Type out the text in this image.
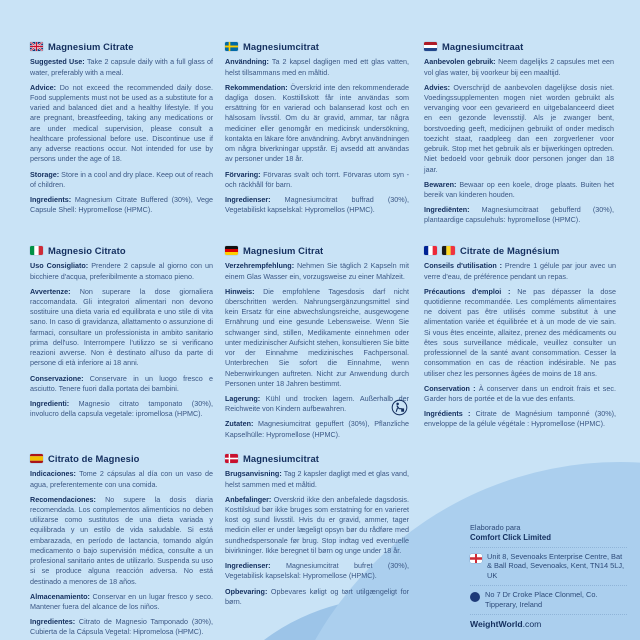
Magnesium Citrate

Suggested Use: Take 2 capsule daily with a full glass of water, preferably with a meal.

Advice: Do not exceed the recommended daily dose. Food supplements must not be used as a substitute for a varied and balanced diet and a healthy lifestyle. If you are pregnant, breastfeeding, taking any medications or are under medical supervision, please consult a healthcare professional before use. Discontinue use if any adverse reactions occur. Not intended for use by persons under the age of 18.

Storage: Store in a cool and dry place. Keep out of reach of children.

Ingredients: Magnesium Citrate Buffered (30%), Vege Capsule Shell: Hypromellose (HPMC).

Magnesiumcitrat

Användning: Ta 2 kapsel dagligen med ett glas vatten, helst tillsammans med en måltid.

Rekommendation: Överskrid inte den rekommenderade dagliga dosen. Kosttillskott får inte användas som ersättning för en varierad och balanserad kost och en hälsosam livsstil. Om du är gravid, ammar, tar några mediciner eller genomgår en medicinsk undersökning, kontakta en läkare före användning. Avbryt användningen om några biverkningar uppstår. Ej avsedd att användas av personer under 18 år.

Förvaring: Förvaras svalt och torrt. Förvaras utom syn - och räckhåll för barn.

Ingredienser: Magnesiumcitrat buffrad (30%), Vegetabiliskt kapselskal: Hypromellos (HPMC).

Magnesiumcitraat

Aanbevolen gebruik: Neem dagelijks 2 capsules met een vol glas water, bij voorkeur bij een maaltijd.

Advies: Overschrijd de aanbevolen dagelijkse dosis niet. Voedingssupplementen mogen niet worden gebruikt als vervanging voor een gevarieerd en uitgebalanceerd dieet en een gezonde levensstijl. Als je zwanger bent, borstvoeding geeft, medicijnen gebruikt of onder medisch toezicht staat, raadpleeg dan een zorgverlener voor gebruik. Stop met het gebruik als er bijwerkingen optreden. Niet bedoeld voor gebruik door personen jonger dan 18 jaar.

Bewaren: Bewaar op een koele, droge plaats. Buiten het bereik van kinderen houden.

Ingrediënten: Magnesiumcitraat gebufferd (30%), plantaardige capsulehuls: hypromellose (HPMC).

Magnesio Citrato

Uso Consigliato: Prendere 2 capsule al giorno con un bicchiere d'acqua, preferibilmente a stomaco pieno.

Avvertenze: Non superare la dose giornaliera raccomandata. Gli integratori alimentari non devono sostituire una dieta varia ed equilibrata e uno stile di vita sano. In caso di gravidanza, allattamento o assunzione di farmaci, consultare un professionista in ambito sanitario prima dell'uso. Interrompere l'utilizzo se si verificano reazioni avverse. Non è destinato all'uso da parte di persone di età inferiore ai 18 anni.

Conservazione: Conservare in un luogo fresco e asciutto. Tenere fuori dalla portata dei bambini.

Ingredienti: Magnesio citrato tamponato (30%), involucro della capsula vegetale: ipromellosa (HPMC).

Magnesium Citrat

Verzehrempfehlung: Nehmen Sie täglich 2 Kapseln mit einem Glas Wasser ein, vorzugsweise zu einer Mahlzeit.

Hinweis: Die empfohlene Tagesdosis darf nicht überschritten werden. Nahrungsergänzungsmittel sind kein Ersatz für eine abwechslungsreiche, ausgewogene Ernährung und eine gesunde Lebensweise. Wenn Sie schwanger sind, stillen, Medikamente einnehmen oder unter medizinischer Aufsicht stehen, konsultieren Sie bitte vor der Einnahme medizinisches Fachpersonal. Unterbrechen Sie sofort die Einnahme, wenn Nebenwirkungen auftreten. Nicht zur Anwendung durch Personen unter 18 Jahren bestimmt.

Lagerung: Kühl und trocken lagern. Außerhalb der Reichweite von Kindern aufbewahren.

Zutaten: Magnesiumcitrat gepuffert (30%), Pflanzliche Kapselhülle: Hypromellose (HPMC).

Citrate de Magnésium

Conseils d'utilisation : Prendre 1 gélule par jour avec un verre d'eau, de préférence pendant un repas.

Précautions d'emploi : Ne pas dépasser la dose quotidienne recommandée. Les compléments alimentaires ne doivent pas être utilisés comme substitut à une alimentation variée et équilibrée et à un mode de vie sain. Si vous êtes enceinte, allaitez, prenez des médicaments ou êtes sous surveillance médicale, veuillez consulter un professionnel de la santé avant consommation. Cesser la consommation en cas de réaction indésirable. Ne pas utiliser chez les personnes âgées de moins de 18 ans.

Conservation : À conserver dans un endroit frais et sec. Garder hors de portée et de la vue des enfants.

Ingrédients : Citrate de Magnésium tamponné (30%), enveloppe de la gélule végétale : Hypromellose (HPMC).

Citrato de Magnesio

Indicaciones: Tome 2 cápsulas al día con un vaso de agua, preferentemente con una comida.

Recomendaciones: No supere la dosis diaria recomendada. Los complementos alimenticios no deben utilizarse como sustitutos de una dieta variada y equilibrada y un estilo de vida saludable. Si está embarazada, en período de lactancia, tomando algún medicamento o bajo supervisión médica, consulte a un profesional sanitario antes de utilizarlo. Suspenda su uso si se produce alguna reacción adversa. No está destinado a menores de 18 años.

Almacenamiento: Conservar en un lugar fresco y seco. Mantener fuera del alcance de los niños.

Ingredientes: Citrato de Magnesio Tamponado (30%), Cubierta de la Cápsula Vegetal: Hipromelosa (HPMC).

Magnesiumcitrat

Brugsanvisning: Tag 2 kapsler dagligt med et glas vand, helst sammen med et måltid.

Anbefalinger: Overskrid ikke den anbefalede dagsdosis. Kosttilskud bør ikke bruges som erstatning for en varieret kost og sund livsstil. Hvis du er gravid, ammer, tager medicin eller er under lægeligt opsyn bør du rådføre med sundhedspersonale før brug. Stop indtag ved eventuelle bivirkninger. Ikke beregnet til børn og unge under 18 år.

Ingredienser: Magnesiumcitrat bufret (30%), Vegetabilisk kapselskal: Hypromellose (HPMC).

Opbevaring: Opbevares køligt og tørt utilgængeligt for børn.

Elaborado para
Comfort Click Limited
Unit 8, Sevenoaks Enterprise Centre, Bat & Ball Road, Sevenoaks, Kent, TN14 5LJ, UK
No 7 Dr Croke Place Clonmel, Co. Tipperary, Ireland
WeightWorld.com
